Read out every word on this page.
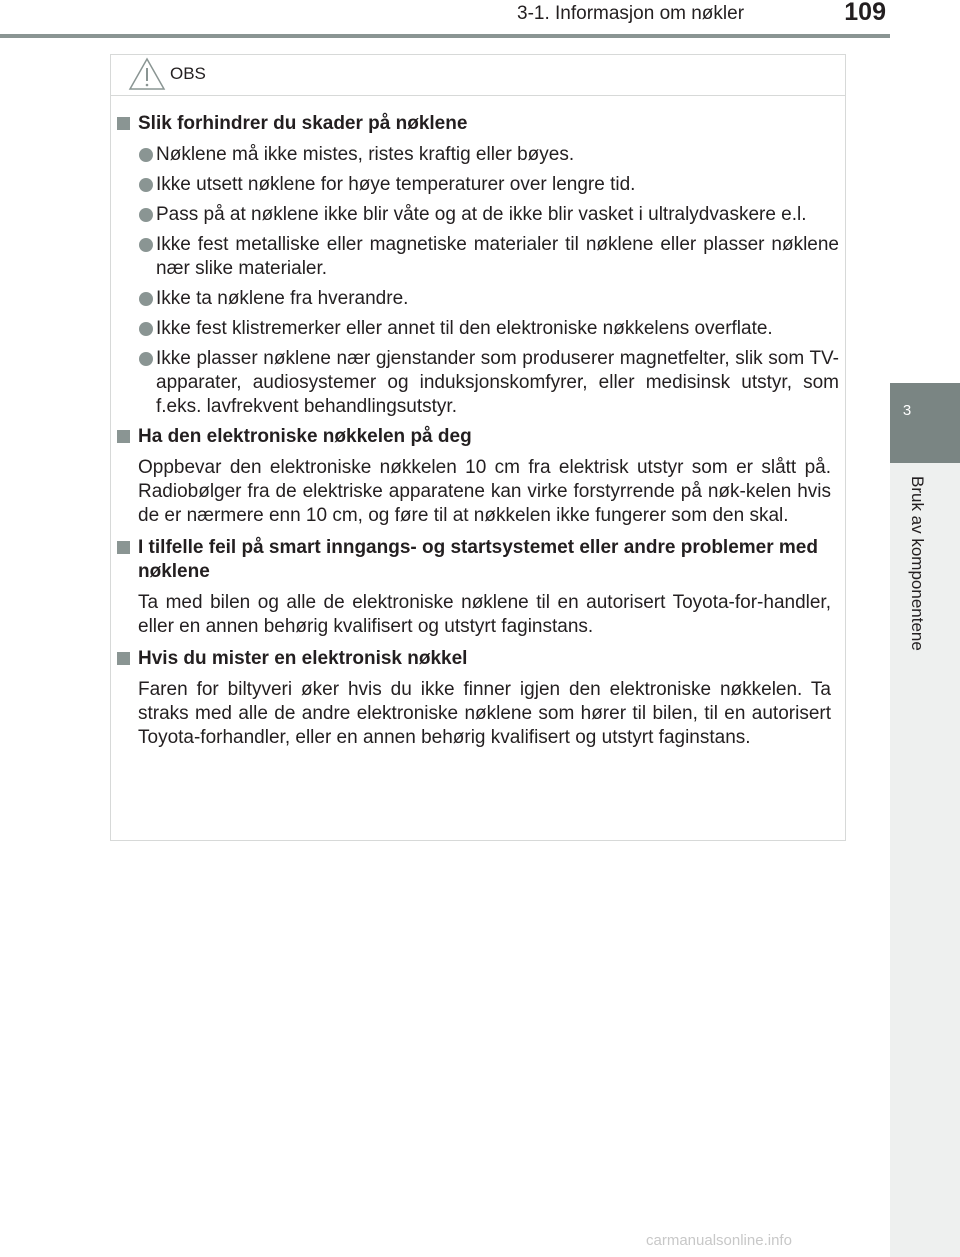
3-1. Informasjon om nøkler	109
3
Bruk av komponentene
OBS
Slik forhindrer du skader på nøklene
Nøklene må ikke mistes, ristes kraftig eller bøyes.
Ikke utsett nøklene for høye temperaturer over lengre tid.
Pass på at nøklene ikke blir våte og at de ikke blir vasket i ultralydvaskere e.l.
Ikke fest metalliske eller magnetiske materialer til nøklene eller plasser nøklene nær slike materialer.
Ikke ta nøklene fra hverandre.
Ikke fest klistremerker eller annet til den elektroniske nøkkelens overflate.
Ikke plasser nøklene nær gjenstander som produserer magnetfelter, slik som TV-apparater, audiosystemer og induksjonskomfyrer, eller medisinsk utstyr, som f.eks. lavfrekvent behandlingsutstyr.
Ha den elektroniske nøkkelen på deg
Oppbevar den elektroniske nøkkelen 10 cm fra elektrisk utstyr som er slått på. Radiobølger fra de elektriske apparatene kan virke forstyrrende på nøk-kelen hvis de er nærmere enn 10 cm, og føre til at nøkkelen ikke fungerer som den skal.
I tilfelle feil på smart inngangs- og startsystemet eller andre problemer med nøklene
Ta med bilen og alle de elektroniske nøklene til en autorisert Toyota-for-handler, eller en annen behørig kvalifisert og utstyrt faginstans.
Hvis du mister en elektronisk nøkkel
Faren for biltyveri øker hvis du ikke finner igjen den elektroniske nøkkelen. Ta straks med alle de andre elektroniske nøklene som hører til bilen, til en autorisert Toyota-forhandler, eller en annen behørig kvalifisert og utstyrt faginstans.
carmanualsonline.info
